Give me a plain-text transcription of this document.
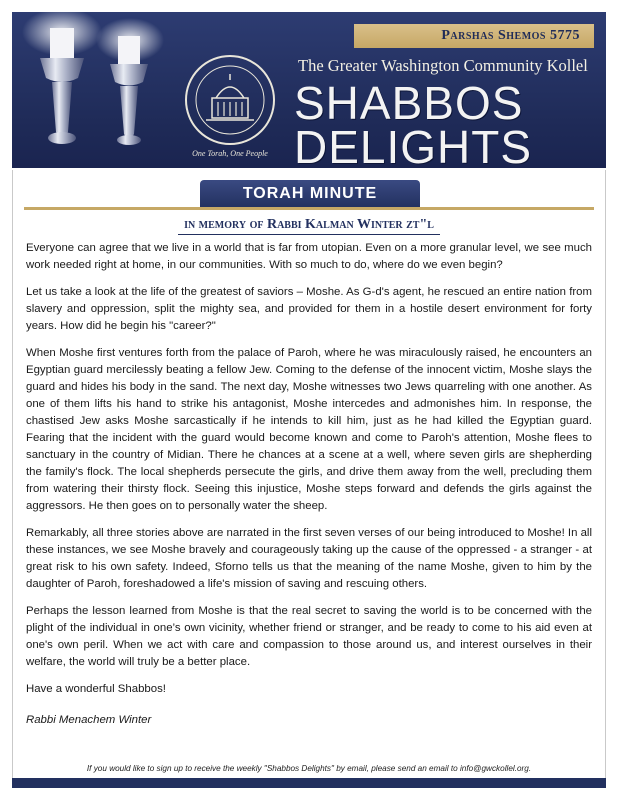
One Torah, One People
Parshas Shemos 5775
The Greater Washington Community Kollel
SHABBOS
DELIGHTS
TORAH MINUTE
in memory of Rabbi Kalman Winter zt"l

Everyone can agree that we live in a world that is far from utopian. Even on a more granular level, we see much work needed right at home, in our communities. With so much to do, where do we even begin?

Let us take a look at the life of the greatest of saviors – Moshe. As G-d's agent, he rescued an entire nation from slavery and oppression, split the mighty sea, and provided for them in a hostile desert environment for forty years. How did he begin his "career?"

When Moshe first ventures forth from the palace of Paroh, where he was miraculously raised, he encounters an Egyptian guard mercilessly beating a fellow Jew. Coming to the defense of the innocent victim, Moshe slays the guard and hides his body in the sand. The next day, Moshe witnesses two Jews quarreling with one another. As one of them lifts his hand to strike his antagonist, Moshe intercedes and admonishes him. In response, the chastised Jew asks Moshe sarcastically if he intends to kill him, just as he had killed the Egyptian guard. Fearing that the incident with the guard would become known and come to Paroh's attention, Moshe flees to sanctuary in the country of Midian. There he chances at a scene at a well, where seven girls are shepherding the family's flock. The local shepherds persecute the girls, and drive them away from the well, precluding them from watering their thirsty flock. Seeing this injustice, Moshe steps forward and defends the girls against the aggressors. He then goes on to personally water the sheep.

Remarkably, all three stories above are narrated in the first seven verses of our being introduced to Moshe! In all these instances, we see Moshe bravely and courageously taking up the cause of the oppressed - a stranger - at great risk to his own safety. Indeed, Sforno tells us that the meaning of the name Moshe, given to him by the daughter of Paroh, foreshadowed a life's mission of saving and rescuing others.

Perhaps the lesson learned from Moshe is that the real secret to saving the world is to be concerned with the plight of the individual in one’s own vicinity, whether friend or stranger, and be ready to come to his aid even at one's own peril. When we act with care and compassion to those around us, and interest ourselves in their welfare, the world will truly be a better place.

Have a wonderful Shabbos!

Rabbi Menachem Winter

If you would like to sign up to receive the weekly "Shabbos Delights" by email, please send an email to info@gwckollel.org.
